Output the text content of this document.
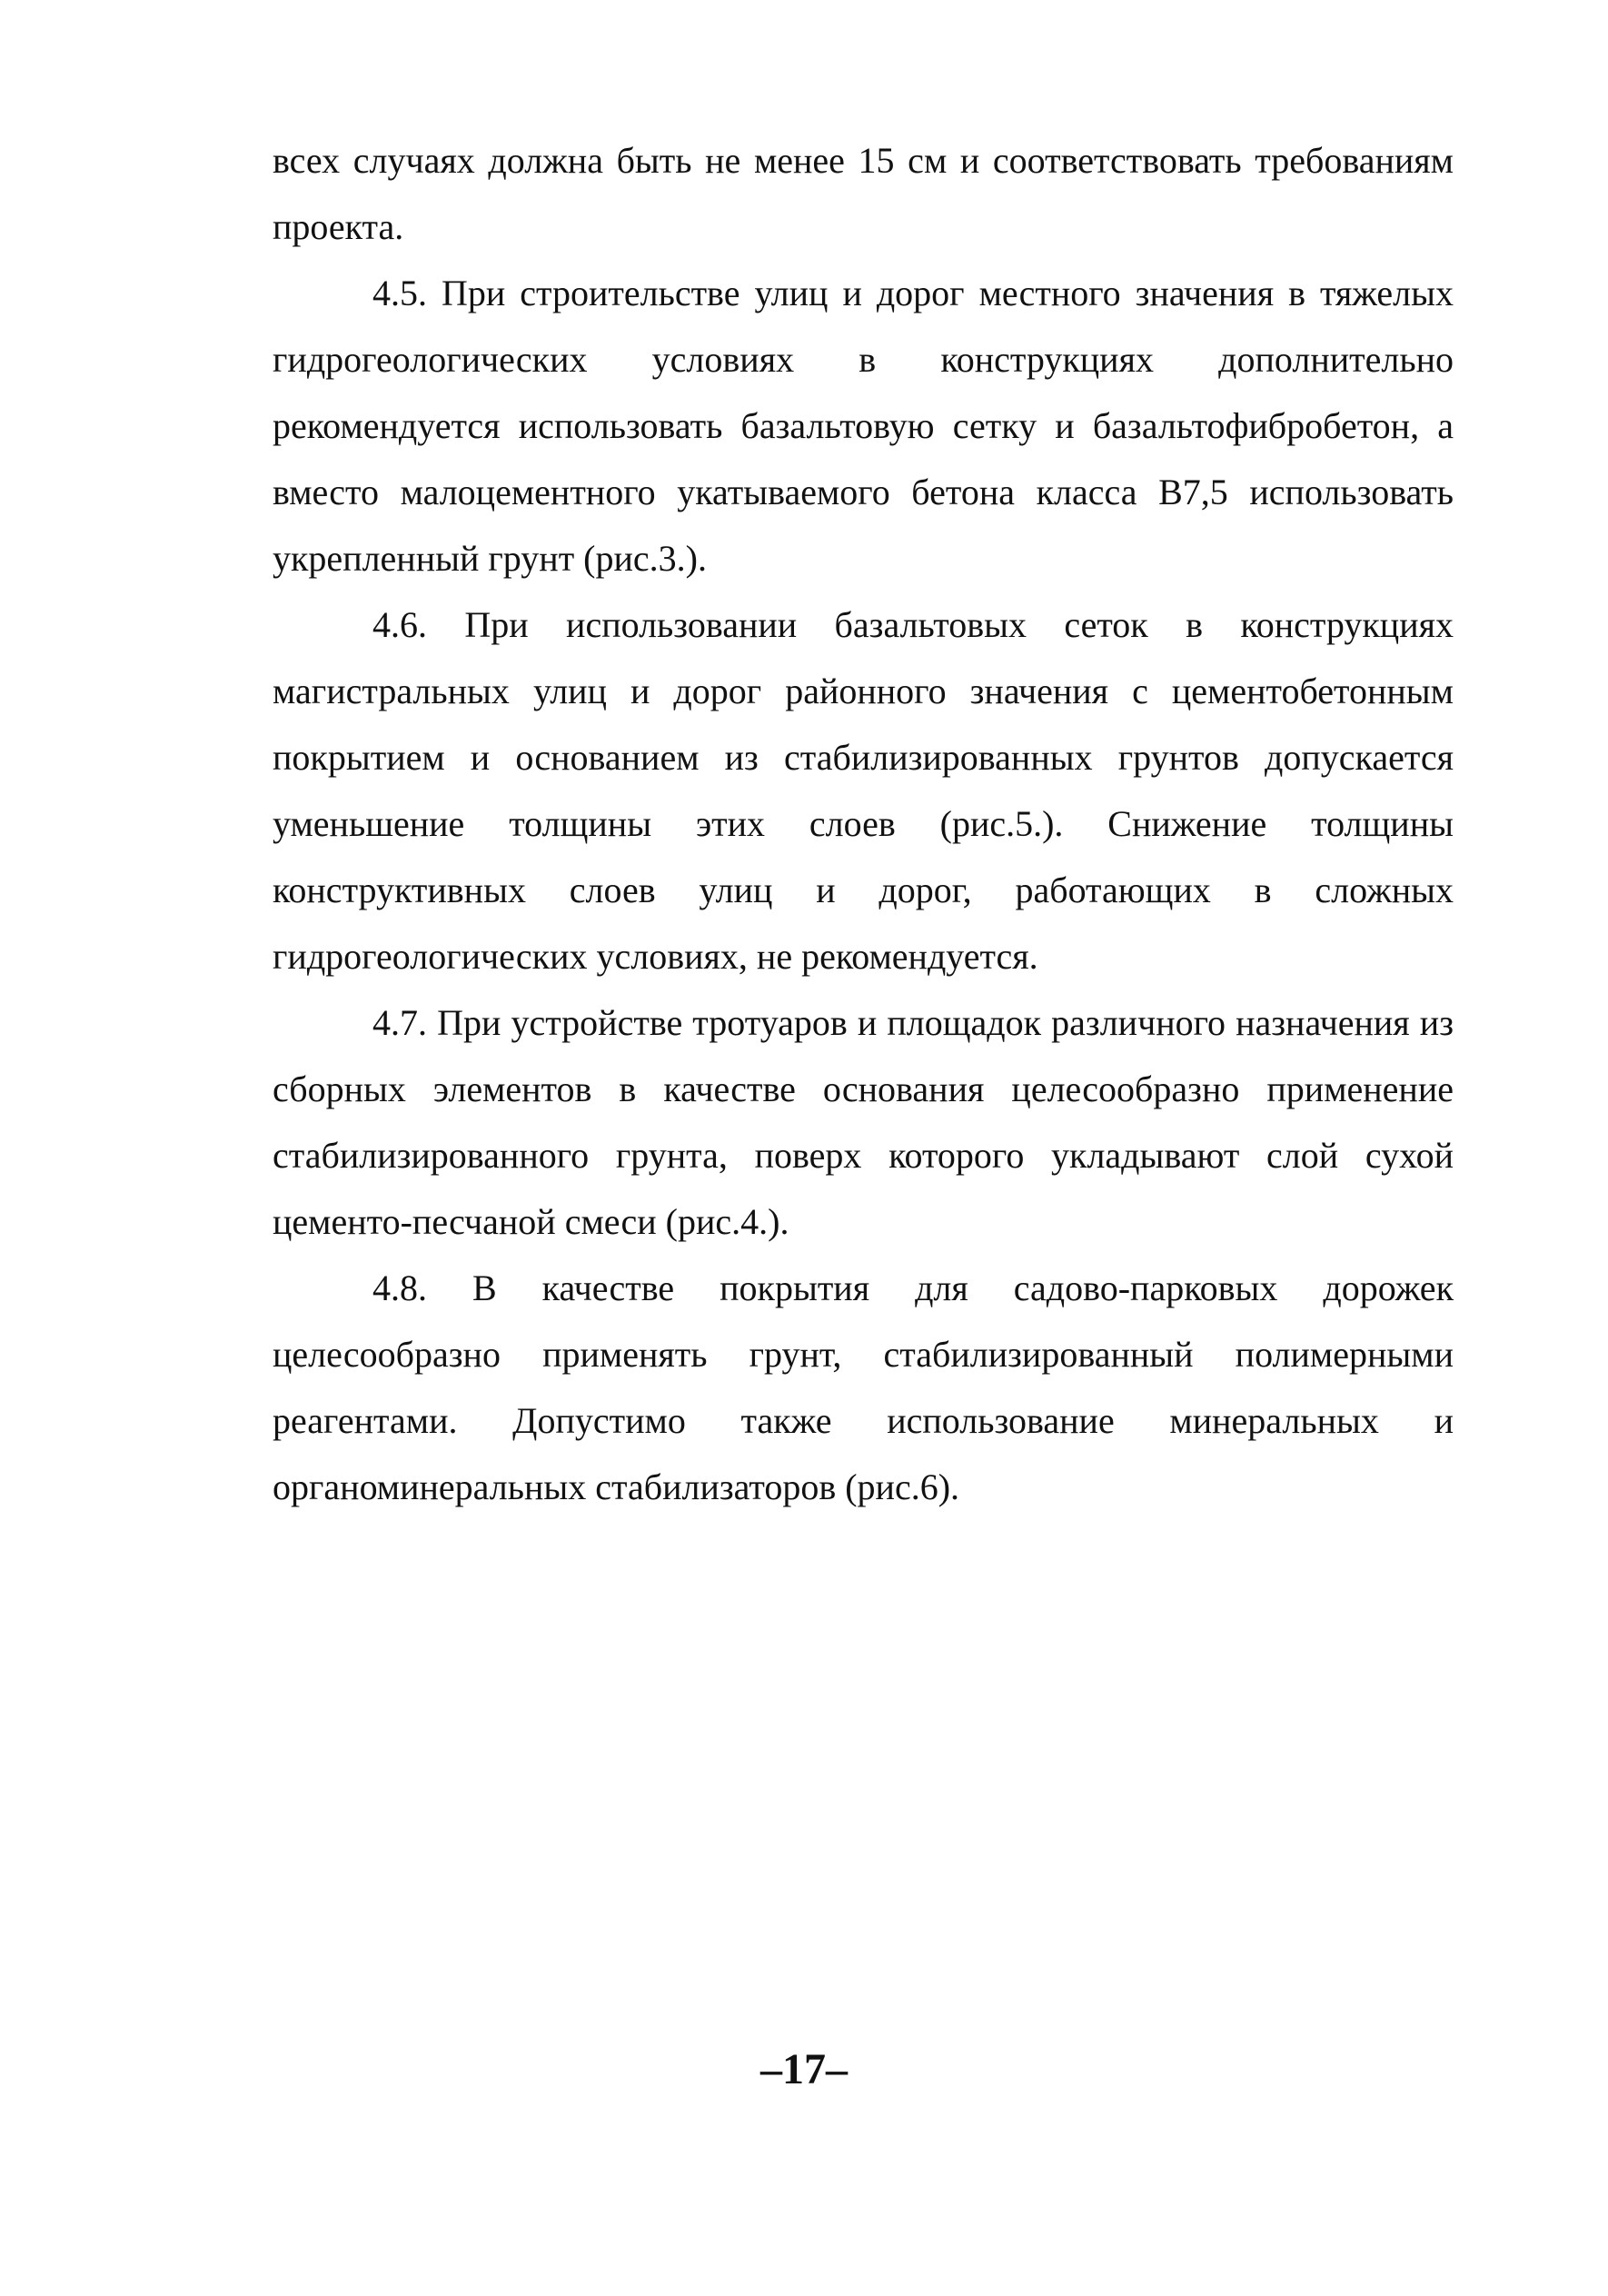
всех случаях должна быть не менее 15 см и соответствовать требованиям проекта.

4.5. При строительстве улиц и дорог местного значения в тяжелых гидрогеологических условиях в конструкциях дополнительно рекомендуется использовать базальтовую сетку и базальтофибробетон, а вместо малоцементного укатываемого бетона класса B7,5 использовать укрепленный грунт (рис.3.).

4.6. При использовании базальтовых сеток в конструкциях магистральных улиц и дорог районного значения с цементобетонным покрытием и основанием из стабилизированных грунтов допускается уменьшение толщины этих слоев (рис.5.). Снижение толщины конструктивных слоев улиц и дорог, работающих в сложных гидрогеологических условиях, не рекомендуется.

4.7. При устройстве тротуаров и площадок различного назначения из сборных элементов в качестве основания целесообразно применение стабилизированного грунта, поверх которого укладывают слой сухой цементо-песчаной смеси (рис.4.).

4.8. В качестве покрытия для садово-парковых дорожек целесообразно применять грунт, стабилизированный полимерными реагентами. Допустимо также использование минеральных и органоминеральных стабилизаторов (рис.6).

–17–
